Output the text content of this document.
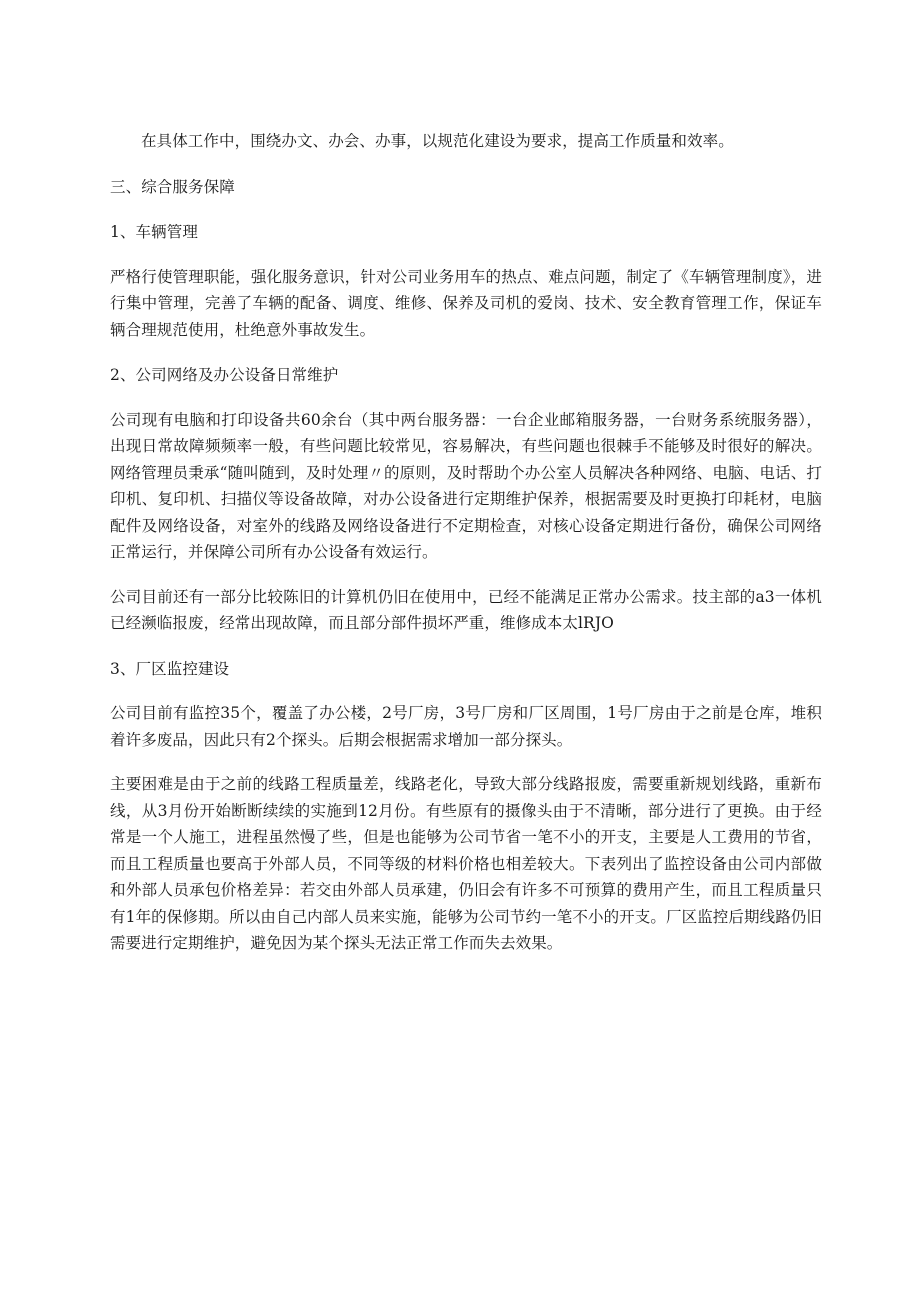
在具体工作中，围绕办文、办会、办事，以规范化建设为要求，提高工作质量和效率。

三、综合服务保障

1、车辆管理

严格行使管理职能，强化服务意识，针对公司业务用车的热点、难点问题，制定了《车辆管理制度》，进行集中管理，完善了车辆的配备、调度、维修、保养及司机的爱岗、技术、安全教育管理工作，保证车辆合理规范使用，杜绝意外事故发生。

2、公司网络及办公设备日常维护

公司现有电脑和打印设备共60余台（其中两台服务器：一台企业邮箱服务器，一台财务系统服务器），出现日常故障频频率一般，有些问题比较常见，容易解决，有些问题也很棘手不能够及时很好的解决。网络管理员秉承“随叫随到，及时处理〃的原则，及时帮助个办公室人员解决各种网络、电脑、电话、打印机、复印机、扫描仪等设备故障，对办公设备进行定期维护保养，根据需要及时更换打印耗材，电脑配件及网络设备，对室外的线路及网络设备进行不定期检查，对核心设备定期进行备份，确保公司网络正常运行，并保障公司所有办公设备有效运行。

公司目前还有一部分比较陈旧的计算机仍旧在使用中，已经不能满足正常办公需求。技主部的a3一体机已经濒临报废，经常出现故障，而且部分部件损坏严重，维修成本太lRJO

3、厂区监控建设

公司目前有监控35个，覆盖了办公楼，2号厂房，3号厂房和厂区周围，1号厂房由于之前是仓库，堆积着许多废品，因此只有2个探头。后期会根据需求增加一部分探头。

主要困难是由于之前的线路工程质量差，线路老化，导致大部分线路报废，需要重新规划线路，重新布线，从3月份开始断断续续的实施到12月份。有些原有的摄像头由于不清晰，部分进行了更换。由于经常是一个人施工，进程虽然慢了些，但是也能够为公司节省一笔不小的开支，主要是人工费用的节省，而且工程质量也要高于外部人员，不同等级的材料价格也相差较大。下表列出了监控设备由公司内部做和外部人员承包价格差异：若交由外部人员承建，仍旧会有许多不可预算的费用产生，而且工程质量只有1年的保修期。所以由自己内部人员来实施，能够为公司节约一笔不小的开支。厂区监控后期线路仍旧需要进行定期维护，避免因为某个探头无法正常工作而失去效果。
